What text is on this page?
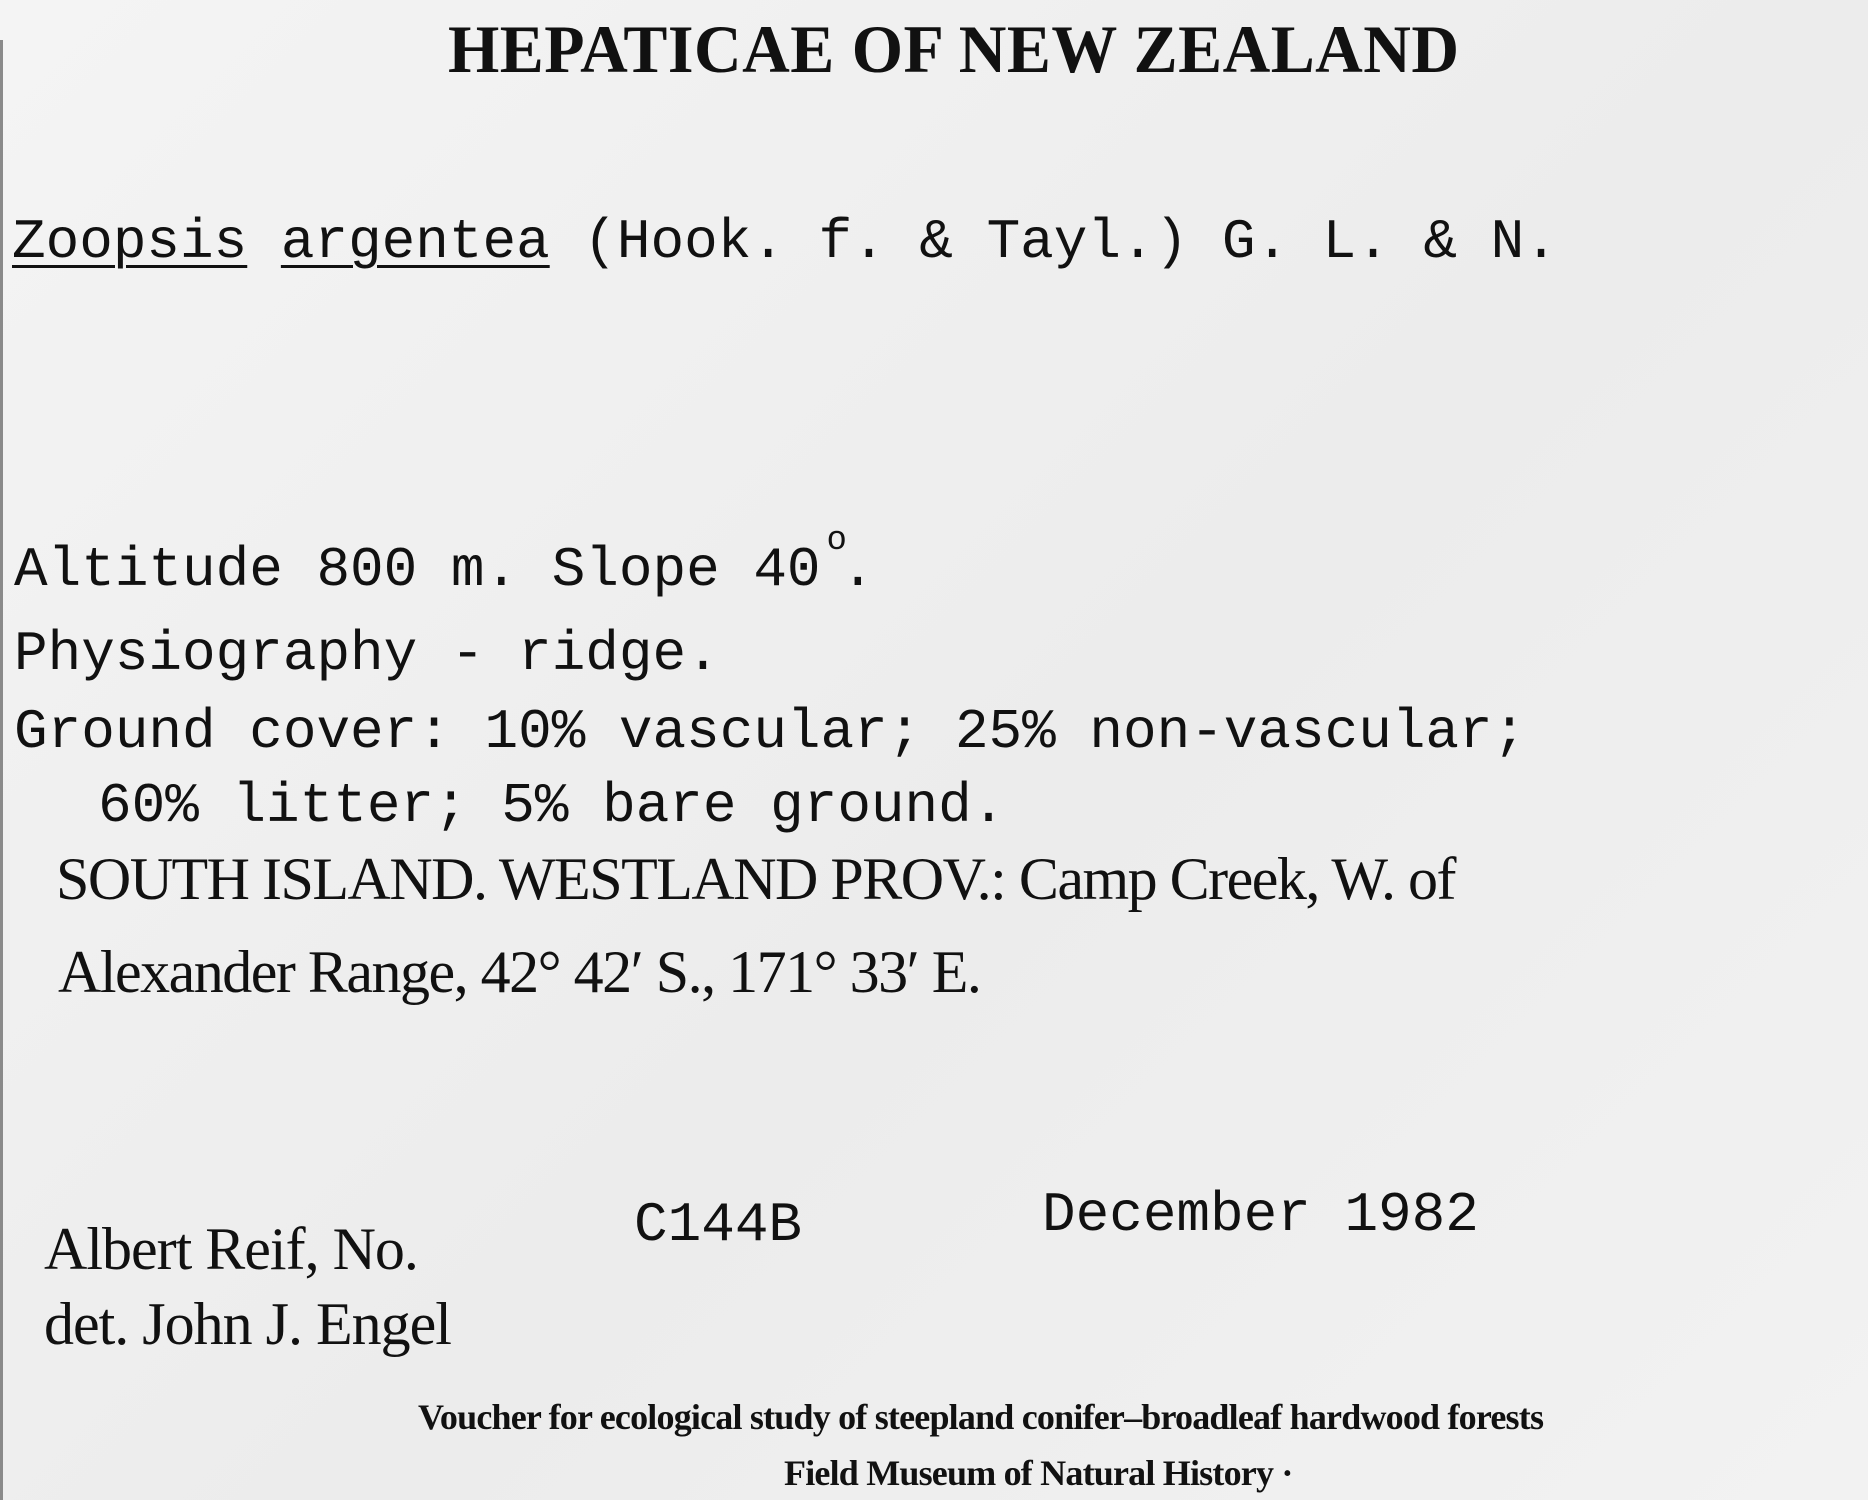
HEPATICAE OF NEW ZEALAND
Zoopsis argentea (Hook. f. & Tayl.) G. L. & N.
Altitude 800 m. Slope 40 $^o$.
Physiography - ridge.
Ground cover: 10% vascular; 25% non-vascular;
60% litter; 5% bare ground.
SOUTH ISLAND. WESTLAND PROV.: Camp Creek, W. of
Alexander Range, 42° 42′ S., 171° 33′ E.
Albert Reif, No.	C144B	December 1982
det. John J. Engel
Voucher for ecological study of steepland conifer–broadleaf hardwood forests
Field Museum of Natural History ·
